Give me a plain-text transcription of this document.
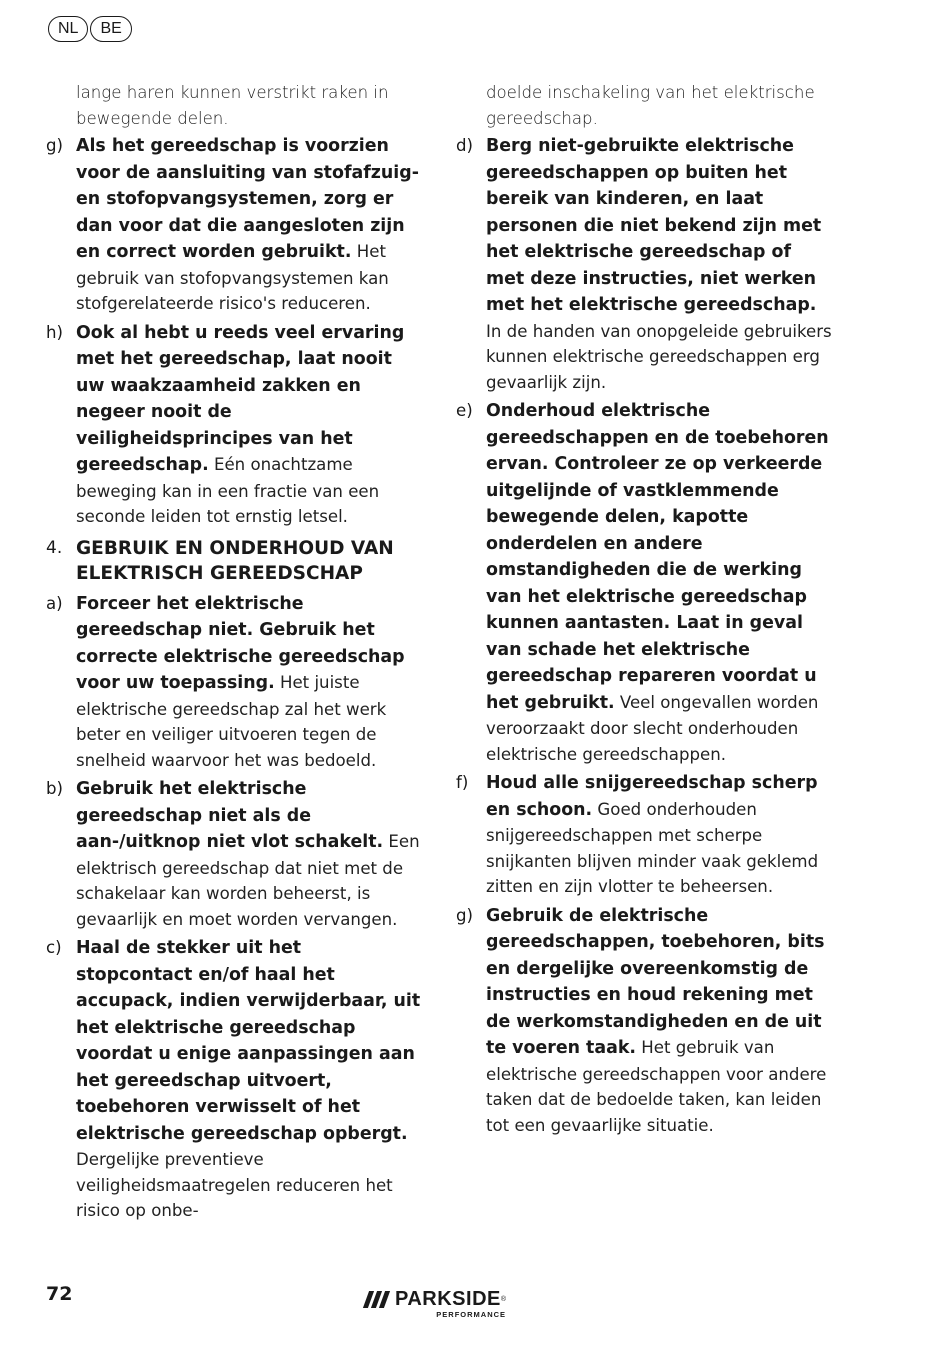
NL	BE

lange haren kunnen verstrikt raken in bewegende delen.

g) Als het gereedschap is voorzien voor de aansluiting van stofafzuig- en stofopvangsystemen, zorg er dan voor dat die aangesloten zijn en correct worden gebruikt. Het gebruik van stofopvangsystemen kan stofgerelateerde risico's reduceren.
h) Ook al hebt u reeds veel ervaring met het gereedschap, laat nooit uw waakzaamheid zakken en negeer nooit de veiligheidsprincipes van het gereedschap. Eén onachtzame beweging kan in een fractie van een seconde leiden tot ernstig letsel.
4. GEBRUIK EN ONDERHOUD VAN ELEKTRISCH GEREEDSCHAP
a) Forceer het elektrische gereedschap niet. Gebruik het correcte elektrische gereedschap voor uw toepassing. Het juiste elektrische gereedschap zal het werk beter en veiliger uitvoeren tegen de snelheid waarvoor het was bedoeld.
b) Gebruik het elektrische gereedschap niet als de aan-/uitknop niet vlot schakelt. Een elektrisch gereedschap dat niet met de schakelaar kan worden beheerst, is gevaarlijk en moet worden vervangen.
c) Haal de stekker uit het stopcontact en/of haal het accupack, indien verwijderbaar, uit het elektrische gereedschap voordat u enige aanpassingen aan het gereedschap uitvoert, toebehoren verwisselt of het elektrische gereedschap opbergt. Dergelijke preventieve veiligheidsmaatregelen reduceren het risico op onbe-

doelde inschakeling van het elektrische gereedschap.

d) Berg niet-gebruikte elektrische gereedschappen op buiten het bereik van kinderen, en laat personen die niet bekend zijn met het elektrische gereedschap of met deze instructies, niet werken met het elektrische gereedschap. In de handen van onopgeleide gebruikers kunnen elektrische gereedschappen erg gevaarlijk zijn.
e) Onderhoud elektrische gereedschappen en de toebehoren ervan. Controleer ze op verkeerde uitgelijnde of vastklemmende bewegende delen, kapotte onderdelen en andere omstandigheden die de werking van het elektrische gereedschap kunnen aantasten. Laat in geval van schade het elektrische gereedschap repareren voordat u het gebruikt. Veel ongevallen worden veroorzaakt door slecht onderhouden elektrische gereedschappen.
f)	Houd alle snijgereedschap scherp en schoon. Goed onderhouden snijgereedschappen met scherpe snijkanten blijven minder vaak geklemd zitten en zijn vlotter te beheersen.
g) Gebruik de elektrische gereedschappen, toebehoren, bits en dergelijke overeenkomstig de instructies en houd rekening met de werkomstandigheden en de uit te voeren taak. Het gebruik van elektrische gereedschappen voor andere taken dat de bedoelde taken, kan leiden tot een gevaarlijke situatie.
72	PARKSIDE ®
PERFORMANCE
